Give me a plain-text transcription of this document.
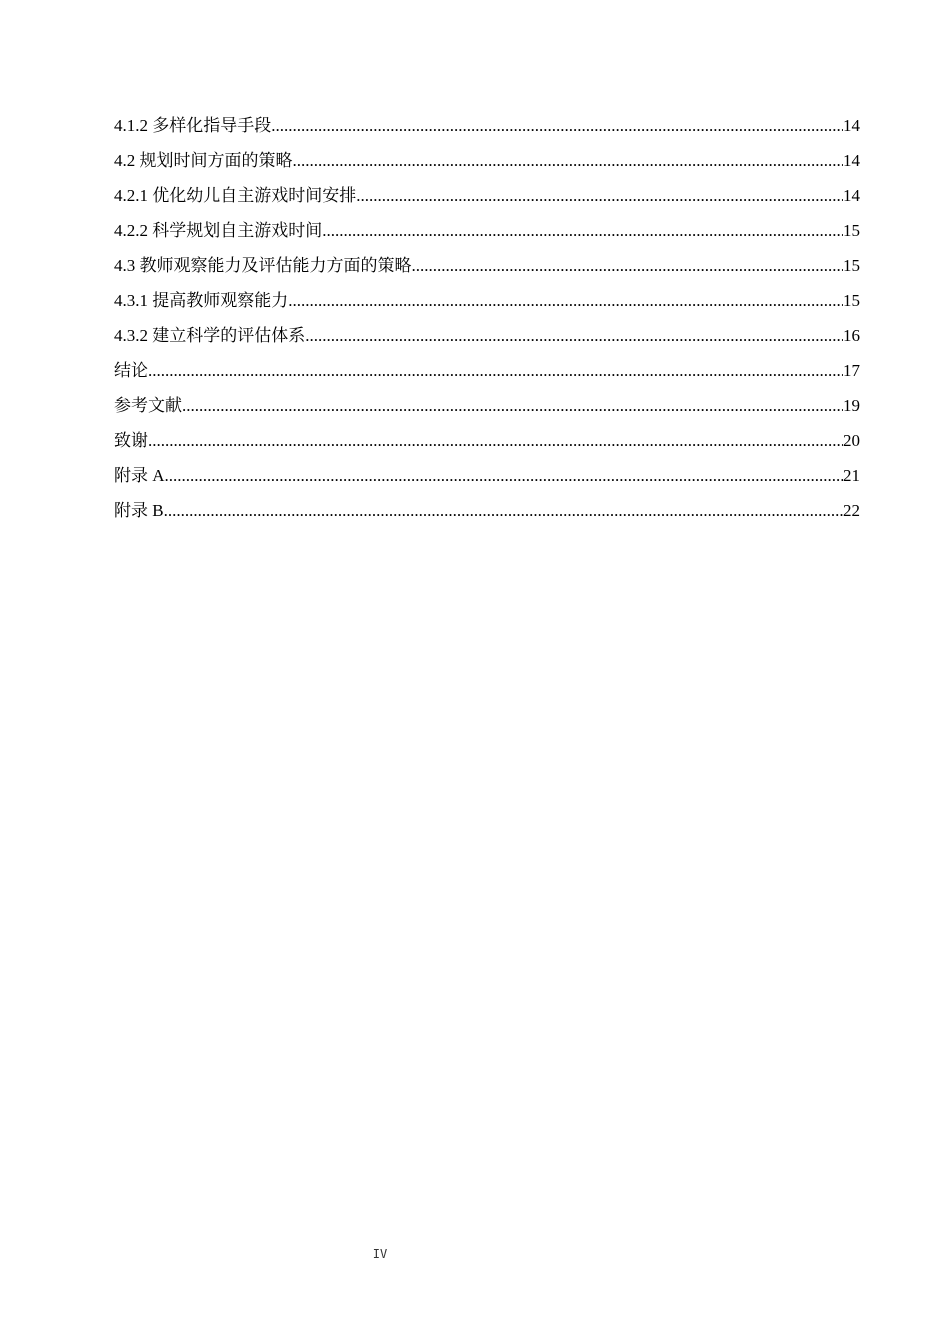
4.1.2 多样化指导手段 .....	14
4.2 规划时间方面的策略 .....	14
4.2.1 优化幼儿自主游戏时间安排 .....	14
4.2.2 科学规划自主游戏时间 .....	15
4.3 教师观察能力及评估能力方面的策略 .....	15
4.3.1 提高教师观察能力 .....	15
4.3.2 建立科学的评估体系 .....	16
结论 .....	17
参考文献 .....	19
致谢 .....	20
附录 A .....	21
附录 B .....	22
IV
